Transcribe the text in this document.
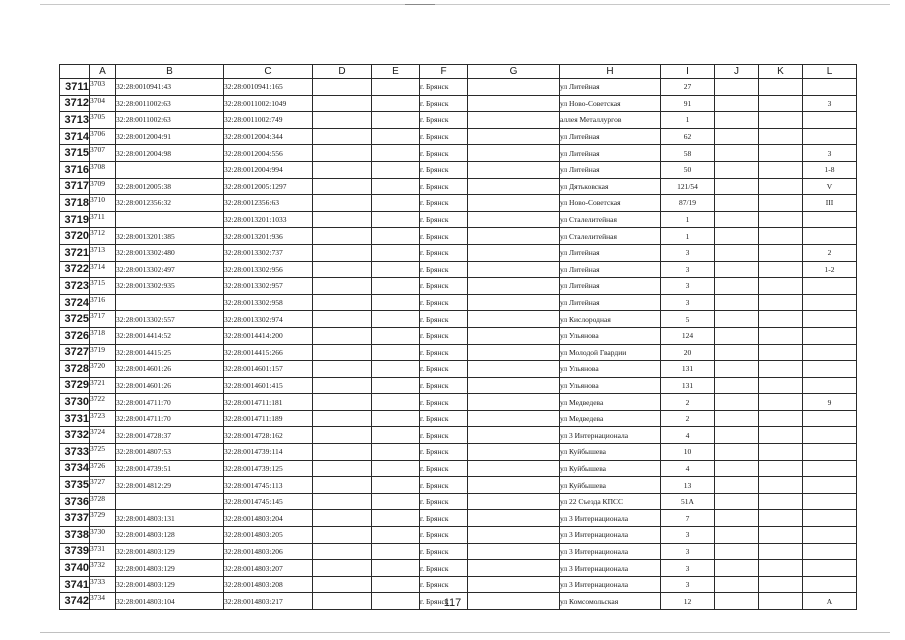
	A	B	C	D	E	F	G	H	I	J	K	L
3711	3703	32:28:0010941:43	32:28:0010941:165			г. Брянск		ул Литейная	27			
3712	3704	32:28:0011002:63	32:28:0011002:1049			г. Брянск		ул Ново-Советская	91			3
3713	3705	32:28:0011002:63	32:28:0011002:749			г. Брянск		аллея Металлургов	1			
3714	3706	32:28:0012004:91	32:28:0012004:344			г. Брянск		ул Литейная	62			
3715	3707	32:28:0012004:98	32:28:0012004:556			г. Брянск		ул Литейная	58			3
3716	3708		32:28:0012004:994			г. Брянск		ул Литейная	50			1-8
3717	3709	32:28:0012005:38	32:28:0012005:1297			г. Брянск		ул Дятьковская	121/54			V
3718	3710	32:28:0012356:32	32:28:0012356:63			г. Брянск		ул Ново-Советская	87/19			III
3719	3711		32:28:0013201:1033			г. Брянск		ул Сталелитейная	1			
3720	3712	32:28:0013201:385	32:28:0013201:936			г. Брянск		ул Сталелитейная	1			
3721	3713	32:28:0013302:480	32:28:0013302:737			г. Брянск		ул Литейная	3			2
3722	3714	32:28:0013302:497	32:28:0013302:956			г. Брянск		ул Литейная	3			1-2
3723	3715	32:28:0013302:935	32:28:0013302:957			г. Брянск		ул Литейная	3			
3724	3716		32:28:0013302:958			г. Брянск		ул Литейная	3			
3725	3717	32:28:0013302:557	32:28:0013302:974			г. Брянск		ул Кислородная	5			
3726	3718	32:28:0014414:52	32:28:0014414:200			г. Брянск		ул Ульянова	124			
3727	3719	32:28:0014415:25	32:28:0014415:266			г. Брянск		ул Молодой Гвардии	20			
3728	3720	32:28:0014601:26	32:28:0014601:157			г. Брянск		ул Ульянова	131			
3729	3721	32:28:0014601:26	32:28:0014601:415			г. Брянск		ул Ульянова	131			
3730	3722	32:28:0014711:70	32:28:0014711:181			г. Брянск		ул Медведева	2			9
3731	3723	32:28:0014711:70	32:28:0014711:189			г. Брянск		ул Медведева	2			
3732	3724	32:28:0014728:37	32:28:0014728:162			г. Брянск		ул 3 Интернационала	4			
3733	3725	32:28:0014807:53	32:28:0014739:114			г. Брянск		ул Куйбышева	10			
3734	3726	32:28:0014739:51	32:28:0014739:125			г. Брянск		ул Куйбышева	4			
3735	3727	32:28:0014812:29	32:28:0014745:113			г. Брянск		ул Куйбышева	13			
3736	3728		32:28:0014745:145			г. Брянск		ул 22 Съезда КПСС	51А			
3737	3729	32:28:0014803:131	32:28:0014803:204			г. Брянск		ул 3 Интернационала	7			
3738	3730	32:28:0014803:128	32:28:0014803:205			г. Брянск		ул 3 Интернационала	3			
3739	3731	32:28:0014803:129	32:28:0014803:206			г. Брянск		ул 3 Интернационала	3			
3740	3732	32:28:0014803:129	32:28:0014803:207			г. Брянск		ул 3 Интернационала	3			
3741	3733	32:28:0014803:129	32:28:0014803:208			г. Брянск		ул 3 Интернационала	3			
3742	3734	32:28:0014803:104	32:28:0014803:217			г. Брянск		ул Комсомольская	12			А
117
